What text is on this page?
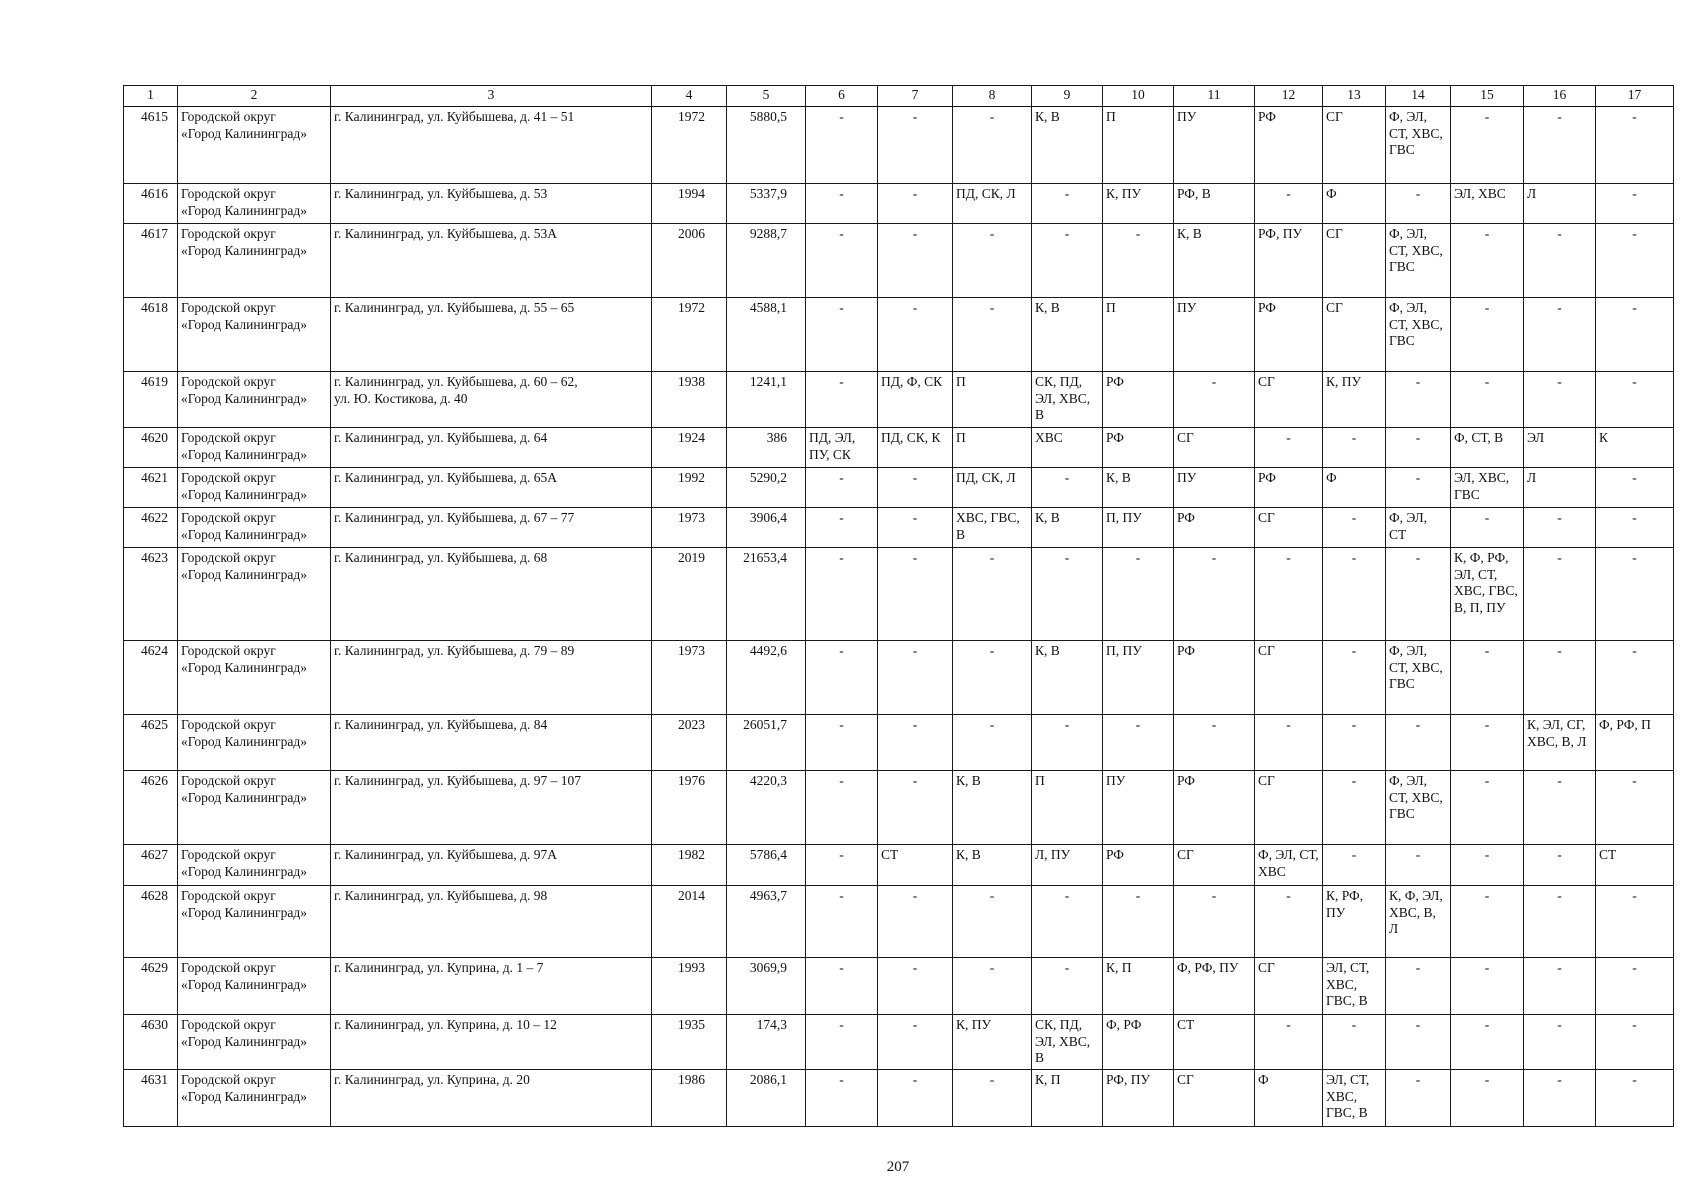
1	2	3	4	5	6	7	8	9	10	11	12	13	14	15	16	17
4615	Городской округ
«Город Калининград»	г. Калининград, ул. Куйбышева, д. 41 – 51	1972	5880,5	-	-	-	К, В	П	ПУ	РФ	СГ	Ф, ЭЛ, СТ, ХВС, ГВС	-	-	-
4616	Городской округ
«Город Калининград»	г. Калининград, ул. Куйбышева, д. 53	1994	5337,9	-	-	ПД, СК, Л	-	К, ПУ	РФ, В	-	Ф	-	ЭЛ, ХВС	Л	-
4617	Городской округ
«Город Калининград»	г. Калининград, ул. Куйбышева, д. 53А	2006	9288,7	-	-	-	-	-	К, В	РФ, ПУ	СГ	Ф, ЭЛ, СТ, ХВС, ГВС	-	-	-
4618	Городской округ
«Город Калининград»	г. Калининград, ул. Куйбышева, д. 55 – 65	1972	4588,1	-	-	-	К, В	П	ПУ	РФ	СГ	Ф, ЭЛ, СТ, ХВС, ГВС	-	-	-
4619	Городской округ
«Город Калининград»	г. Калининград, ул. Куйбышева, д. 60 – 62,
ул. Ю. Костикова, д. 40	1938	1241,1	-	ПД, Ф, СК	П	СК, ПД, ЭЛ, ХВС, В	РФ	-	СГ	К, ПУ	-	-	-	-
4620	Городской округ
«Город Калининград»	г. Калининград, ул. Куйбышева, д. 64	1924	386	ПД, ЭЛ, ПУ, СК	ПД, СК, К	П	ХВС	РФ	СГ	-	-	-	Ф, СТ, В	ЭЛ	К
4621	Городской округ
«Город Калининград»	г. Калининград, ул. Куйбышева, д. 65А	1992	5290,2	-	-	ПД, СК, Л	-	К, В	ПУ	РФ	Ф	-	ЭЛ, ХВС, ГВС	Л	-
4622	Городской округ
«Город Калининград»	г. Калининград, ул. Куйбышева, д. 67 – 77	1973	3906,4	-	-	ХВС, ГВС, В	К, В	П, ПУ	РФ	СГ	-	Ф, ЭЛ, СТ	-	-	-
4623	Городской округ
«Город Калининград»	г. Калининград, ул. Куйбышева, д. 68	2019	21653,4	-	-	-	-	-	-	-	-	-	К, Ф, РФ, ЭЛ, СТ, ХВС, ГВС, В, П, ПУ	-	-
4624	Городской округ
«Город Калининград»	г. Калининград, ул. Куйбышева, д. 79 – 89	1973	4492,6	-	-	-	К, В	П, ПУ	РФ	СГ	-	Ф, ЭЛ, СТ, ХВС, ГВС	-	-	-
4625	Городской округ
«Город Калининград»	г. Калининград, ул. Куйбышева, д. 84	2023	26051,7	-	-	-	-	-	-	-	-	-	-	К, ЭЛ, СГ, ХВС, В, Л	Ф, РФ, П
4626	Городской округ
«Город Калининград»	г. Калининград, ул. Куйбышева, д. 97 – 107	1976	4220,3	-	-	К, В	П	ПУ	РФ	СГ	-	Ф, ЭЛ, СТ, ХВС, ГВС	-	-	-
4627	Городской округ
«Город Калининград»	г. Калининград, ул. Куйбышева, д. 97А	1982	5786,4	-	СТ	К, В	Л, ПУ	РФ	СГ	Ф, ЭЛ, СТ, ХВС	-	-	-	-	СТ
4628	Городской округ
«Город Калининград»	г. Калининград, ул. Куйбышева, д. 98	2014	4963,7	-	-	-	-	-	-	-	К, РФ, ПУ	К, Ф, ЭЛ, ХВС, В, Л	-	-	-
4629	Городской округ
«Город Калининград»	г. Калининград, ул. Куприна, д. 1 – 7	1993	3069,9	-	-	-	-	К, П	Ф, РФ, ПУ	СГ	ЭЛ, СТ, ХВС, ГВС, В	-	-	-	-
4630	Городской округ
«Город Калининград»	г. Калининград, ул. Куприна, д. 10 – 12	1935	174,3	-	-	К, ПУ	СК, ПД, ЭЛ, ХВС, В	Ф, РФ	СТ	-	-	-	-	-	-
4631	Городской округ
«Город Калининград»	г. Калининград, ул. Куприна, д. 20	1986	2086,1	-	-	-	К, П	РФ, ПУ	СГ	Ф	ЭЛ, СТ, ХВС, ГВС, В	-	-	-	-
207
